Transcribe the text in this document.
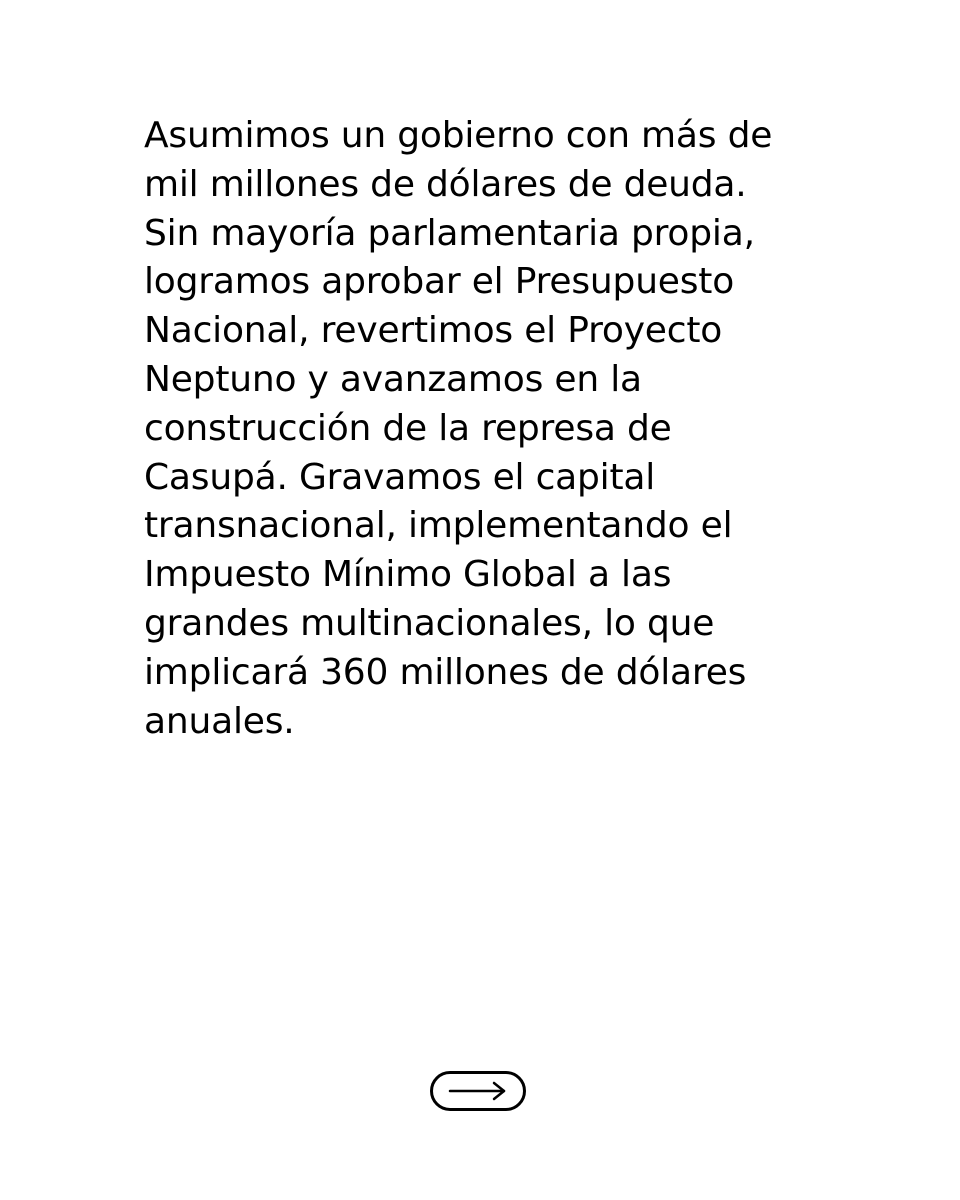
Asumimos un gobierno con más de
mil millones de dólares de deuda.
Sin mayoría parlamentaria propia,
logramos aprobar el Presupuesto
Nacional, revertimos el Proyecto
Neptuno y avanzamos en la
construcción de la represa de
Casupá. Gravamos el capital
transnacional, implementando el
Impuesto Mínimo Global a las
grandes multinacionales, lo que
implicará 360 millones de dólares
anuales.
